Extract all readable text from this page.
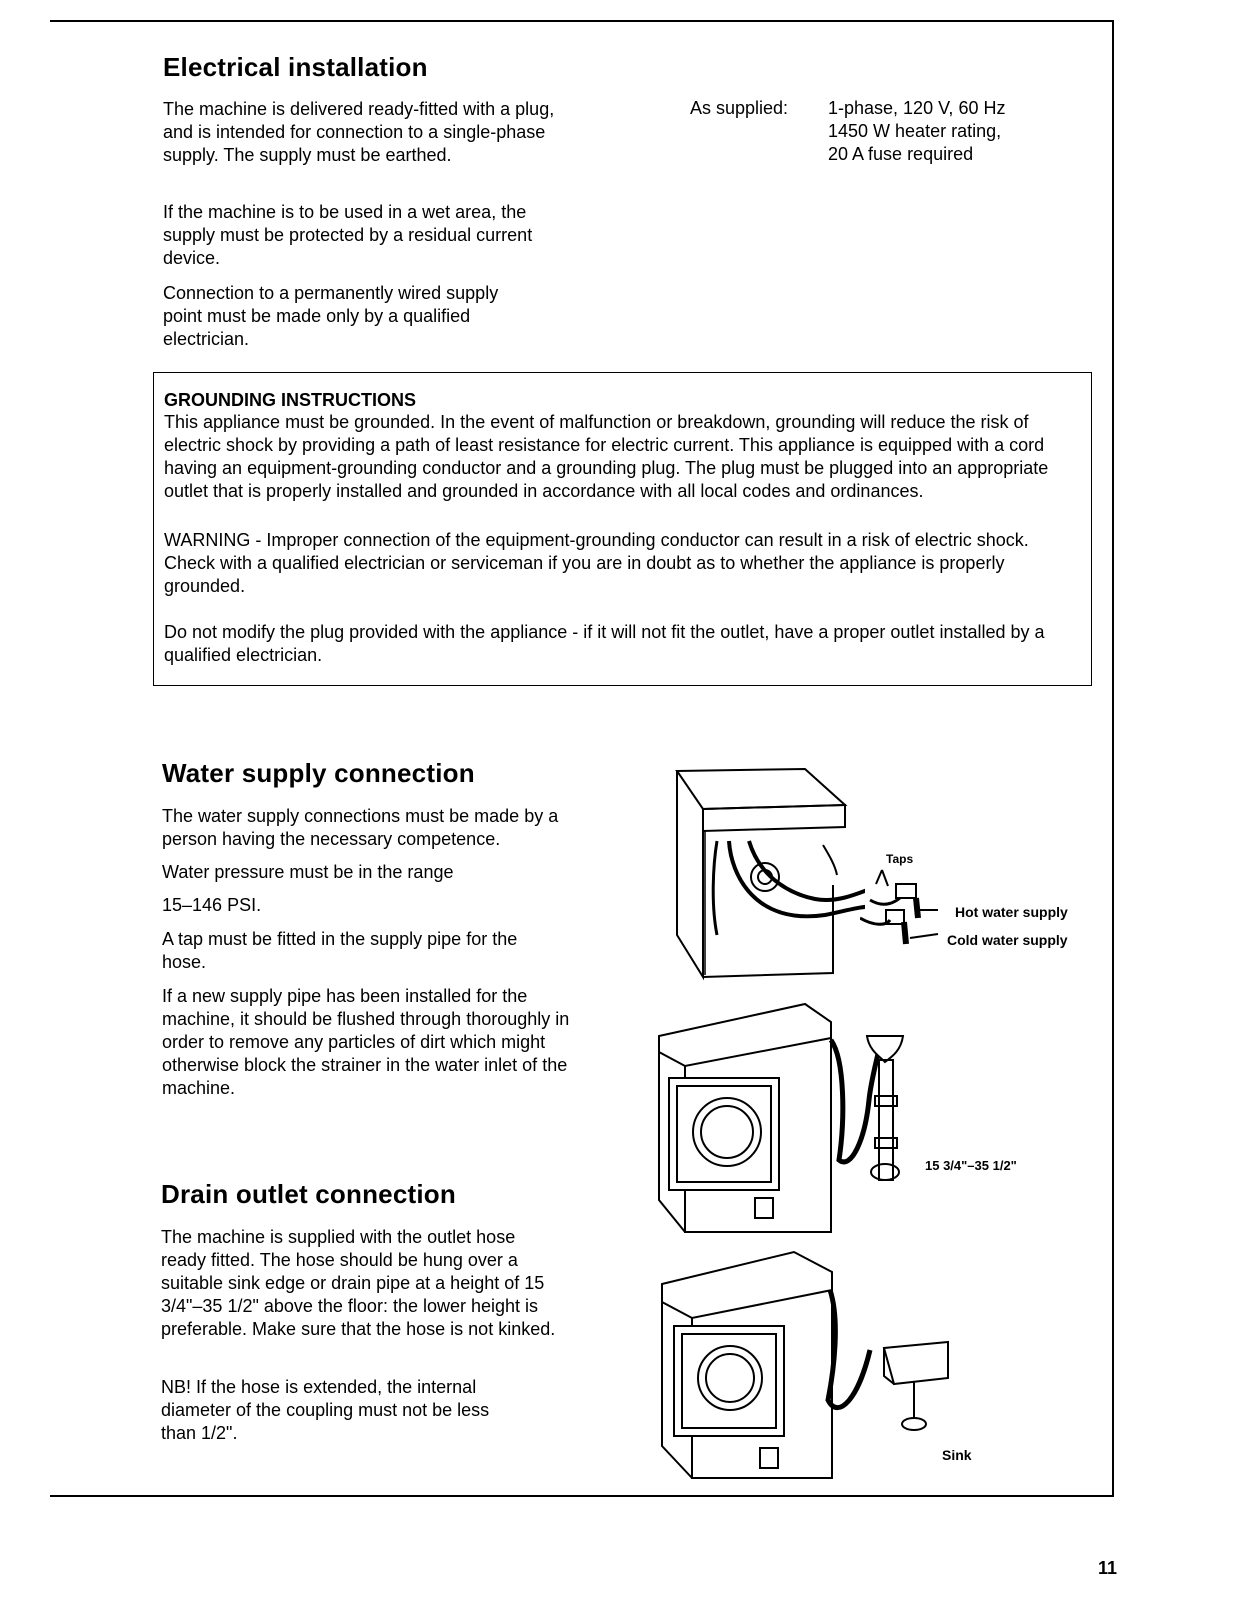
Electrical installation

The machine is delivered ready-fitted with a plug, and is intended for connection to a single-phase supply. The supply must be earthed.

If the machine is to be used in a wet area, the supply must be protected by a residual current device.

Connection to a permanently wired supply point must be made only by a qualified electrician.

As supplied: 1-phase, 120 V, 60 Hz
1450 W heater rating,
20 A fuse required
GROUNDING INSTRUCTIONS

This appliance must be grounded. In the event of malfunction or breakdown, grounding will reduce the risk of electric shock by providing a path of least resistance for electric current. This appliance is equipped with a cord having an equipment-grounding conductor and a grounding plug. The plug must be plugged into an appropriate outlet that is properly installed and grounded in accordance with all local codes and ordinances.

WARNING - Improper connection of the equipment-grounding conductor can result in a risk of electric shock. Check with a qualified electrician or serviceman if you are in doubt as to whether the appliance is properly grounded.

Do not modify the plug provided with the appliance - if it will not fit the outlet, have a proper outlet installed by a qualified electrician.

Water supply connection

The water supply connections must be made by a person having the necessary competence.

Water pressure must be in the range

15–146 PSI.

A tap must be fitted in the supply pipe for the hose.

If a new supply pipe has been installed for the machine, it should be flushed through thoroughly in order to remove any particles of dirt which might otherwise block the strainer in the water inlet of the machine.

Drain outlet connection

The machine is supplied with the outlet hose ready fitted. The hose should be hung over a suitable sink edge or drain pipe at a height of 15 3/4"–35 1/2" above the floor: the lower height is preferable. Make sure that the hose is not kinked.

NB! If the hose is extended, the internal diameter of the coupling must not be less than 1/2".

Taps
Hot water supply
Cold water supply
15 3/4"–35 1/2"
Sink
11
